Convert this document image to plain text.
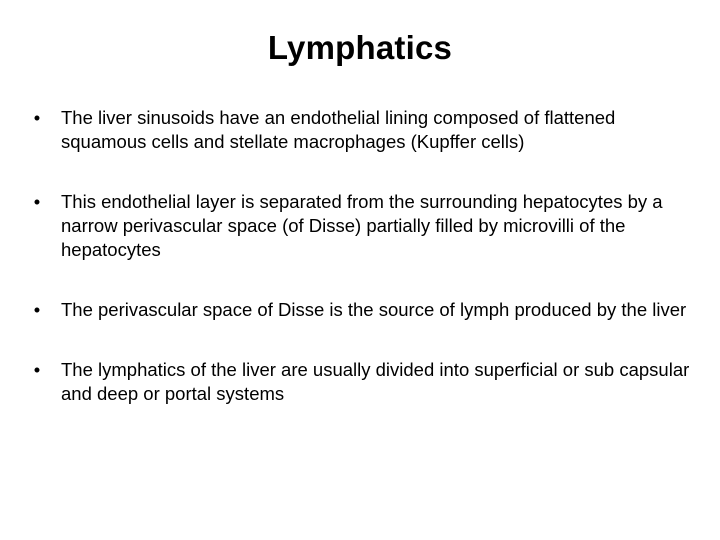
Lymphatics
• The liver sinusoids have an endothelial lining composed of flattened squamous cells and stellate macrophages (Kupffer cells)
• This endothelial layer is separated from the surrounding hepatocytes by a narrow perivascular space (of Disse) partially filled by microvilli of the hepatocytes
• The perivascular space of Disse is the source of lymph produced by the liver
• The lymphatics of the liver are usually divided into superficial or sub capsular and deep or portal systems
